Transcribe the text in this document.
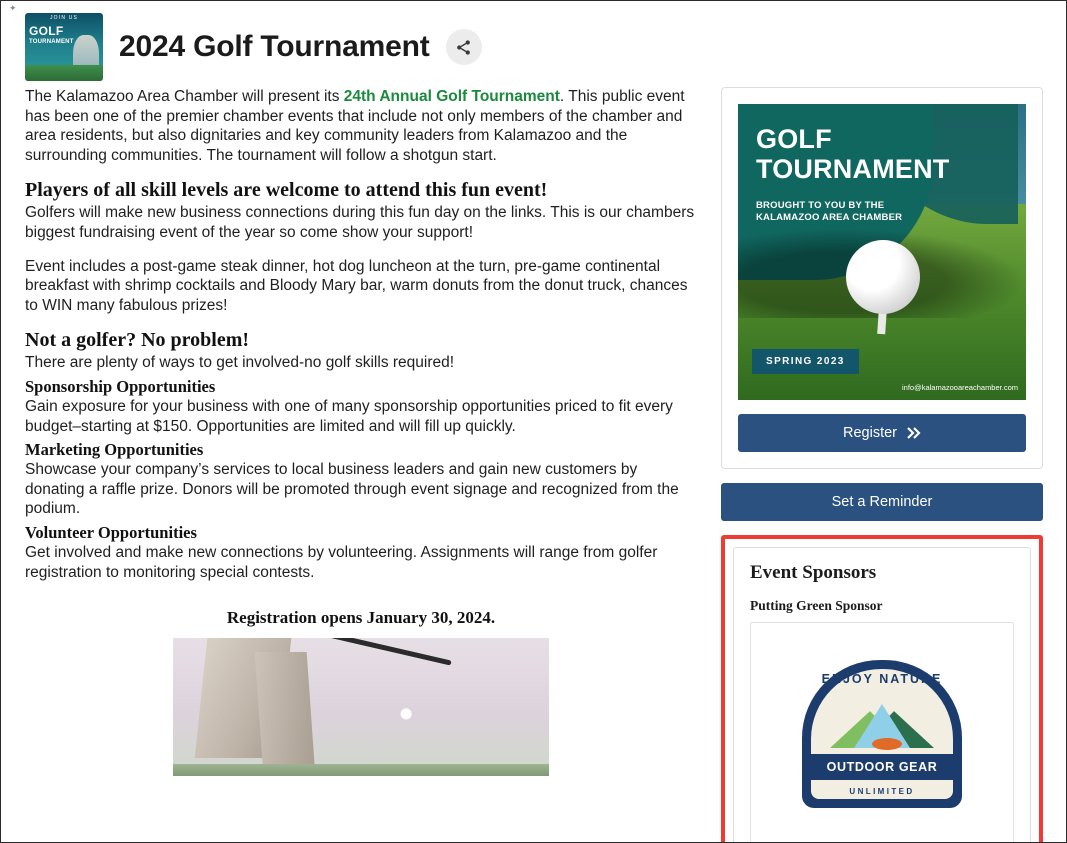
✦
JOIN US
GOLF
TOURNAMENT 2024 Golf Tournament

The Kalamazoo Area Chamber will present its 24th Annual Golf Tournament. This public event has been one of the premier chamber events that include not only members of the chamber and area residents, but also dignitaries and key community leaders from Kalamazoo and the surrounding communities. The tournament will follow a shotgun start.

Players of all skill levels are welcome to attend this fun event!

Golfers will make new business connections during this fun day on the links. This is our chambers biggest fundraising event of the year so come show your support!

Event includes a post-game steak dinner, hot dog luncheon at the turn, pre-game continental breakfast with shrimp cocktails and Bloody Mary bar, warm donuts from the donut truck, chances to WIN many fabulous prizes!

Not a golfer? No problem!

There are plenty of ways to get involved-no golf skills required!

Sponsorship Opportunities

Gain exposure for your business with one of many sponsorship opportunities priced to fit every budget–starting at $150. Opportunities are limited and will fill up quickly.

Marketing Opportunities

Showcase your company’s services to local business leaders and gain new customers by donating a raffle prize. Donors will be promoted through event signage and recognized from the podium.

Volunteer Opportunities

Get involved and make new connections by volunteering. Assignments will range from golfer registration to monitoring special contests.

Registration opens January 30, 2024.

GOLF
TOURNAMENT
BROUGHT TO YOU BY THE
KALAMAZOO AREA CHAMBER
SPRING 2023
info@kalamazooareachamber.com
Register
Set a Reminder
Event Sponsors
Putting Green Sponsor
ENJOY NATURE
OUTDOOR GEAR
UNLIMITED
